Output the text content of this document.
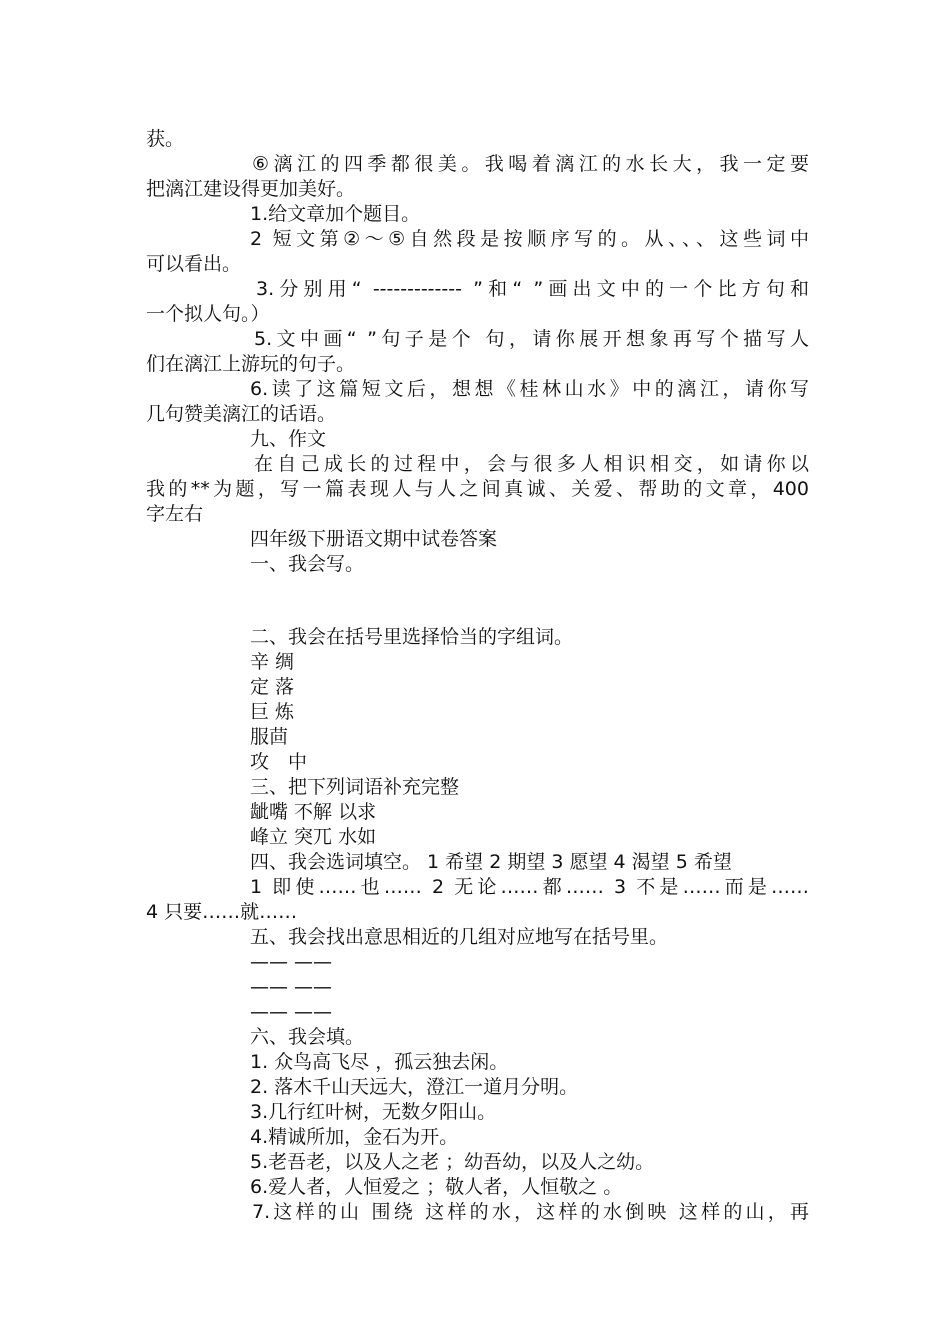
获。
⑥漓江的四季都很美。我喝着漓江的水长大，我一定要
把漓江建设得更加美好。
1.给文章加个题目。
2 短文第②～⑤自然段是按顺序写的。从、、、这些词中
可以看出。
3.分别用“ ------------- ”和“ ”画出文中的一个比方句和
一个拟人句。）
5.文中画“ ”句子是个 句，请你展开想象再写个描写人
们在漓江上游玩的句子。
6.读了这篇短文后，想想《桂林山水》中的漓江，请你写
几句赞美漓江的话语。
九、作文
在自己成长的过程中，会与很多人相识相交，如请你以
我的**为题，写一篇表现人与人之间真诚、关爱、帮助的文章，400
字左右
四年级下册语文期中试卷答案
一、我会写。
二、我会在括号里选择恰当的字组词。
辛 绸
定 落
巨 炼
服茴
攻　中
三、把下列词语补充完整
龇嘴 不解 以求
峰立 突兀 水如
四、我会选词填空。 1 希望 2 期望 3 愿望 4 渴望 5 希望
1 即使……也…… 2 无论……都…… 3 不是……而是……
4 只要……就……
五、我会找出意思相近的几组对应地写在括号里。
—— ——
—— ——
—— ——
六、我会填。
1. 众鸟高飞尽 ，孤云独去闲。
2. 落木千山天远大，澄江一道月分明。
3.几行红叶树，无数夕阳山。
4.精诚所加，金石为开。
5.老吾老，以及人之老 ；幼吾幼，以及人之幼。
6.爱人者，人恒爱之 ；敬人者，人恒敬之 。
7.这样的山 围绕 这样的水，这样的水倒映 这样的山，再
